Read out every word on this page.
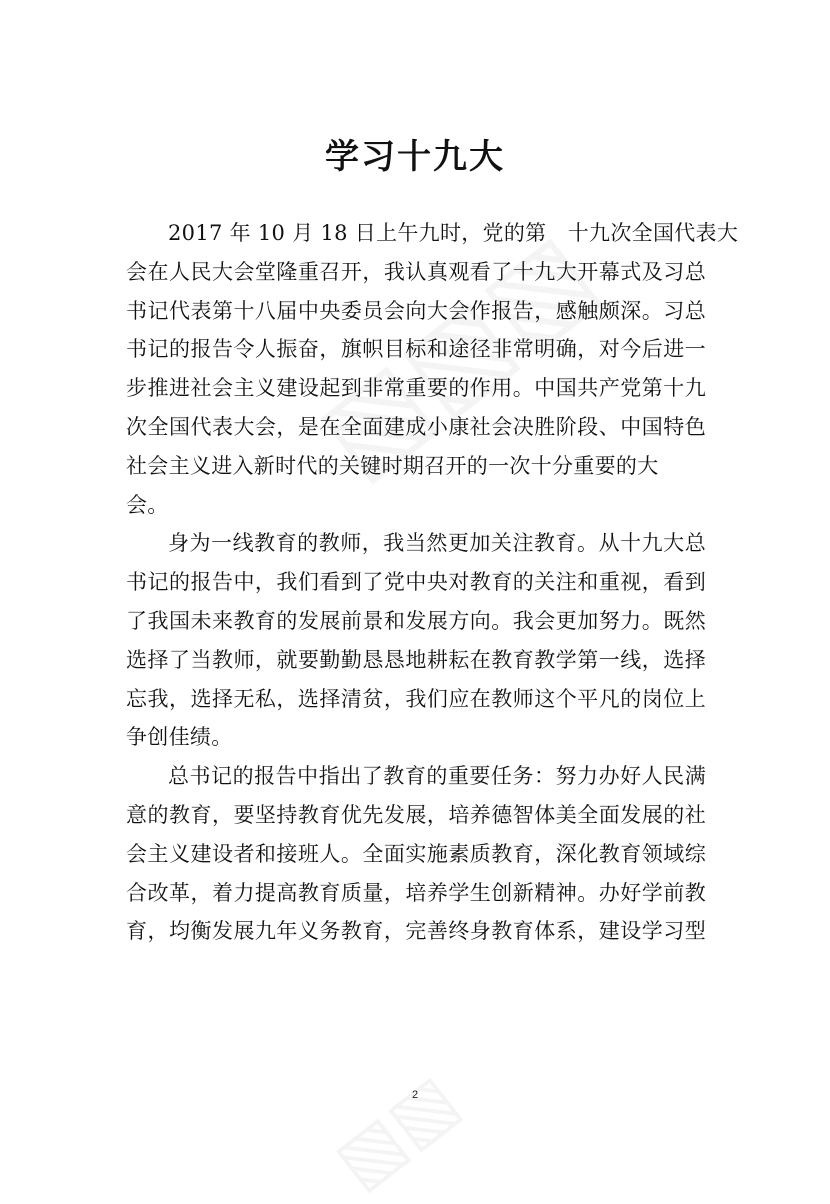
学习十九大
2017 年 10 月 18 日上午九时，党的第　十九次全国代表大
会在人民大会堂隆重召开，我认真观看了十九大开幕式及习总
书记代表第十八届中央委员会向大会作报告，感触颇深。习总
书记的报告令人振奋，旗帜目标和途径非常明确，对今后进一
步推进社会主义建设起到非常重要的作用。中国共产党第十九
次全国代表大会，是在全面建成小康社会决胜阶段、中国特色
社会主义进入新时代的关键时期召开的一次十分重要的大
会。
身为一线教育的教师，我当然更加关注教育。从十九大总
书记的报告中，我们看到了党中央对教育的关注和重视，看到
了我国未来教育的发展前景和发展方向。我会更加努力。既然
选择了当教师，就要勤勤恳恳地耕耘在教育教学第一线，选择
忘我，选择无私，选择清贫，我们应在教师这个平凡的岗位上
争创佳绩。
总书记的报告中指出了教育的重要任务：努力办好人民满
意的教育，要坚持教育优先发展，培养德智体美全面发展的社
会主义建设者和接班人。全面实施素质教育，深化教育领域综
合改革，着力提高教育质量，培养学生创新精神。办好学前教
育，均衡发展九年义务教育，完善终身教育体系，建设学习型
2
